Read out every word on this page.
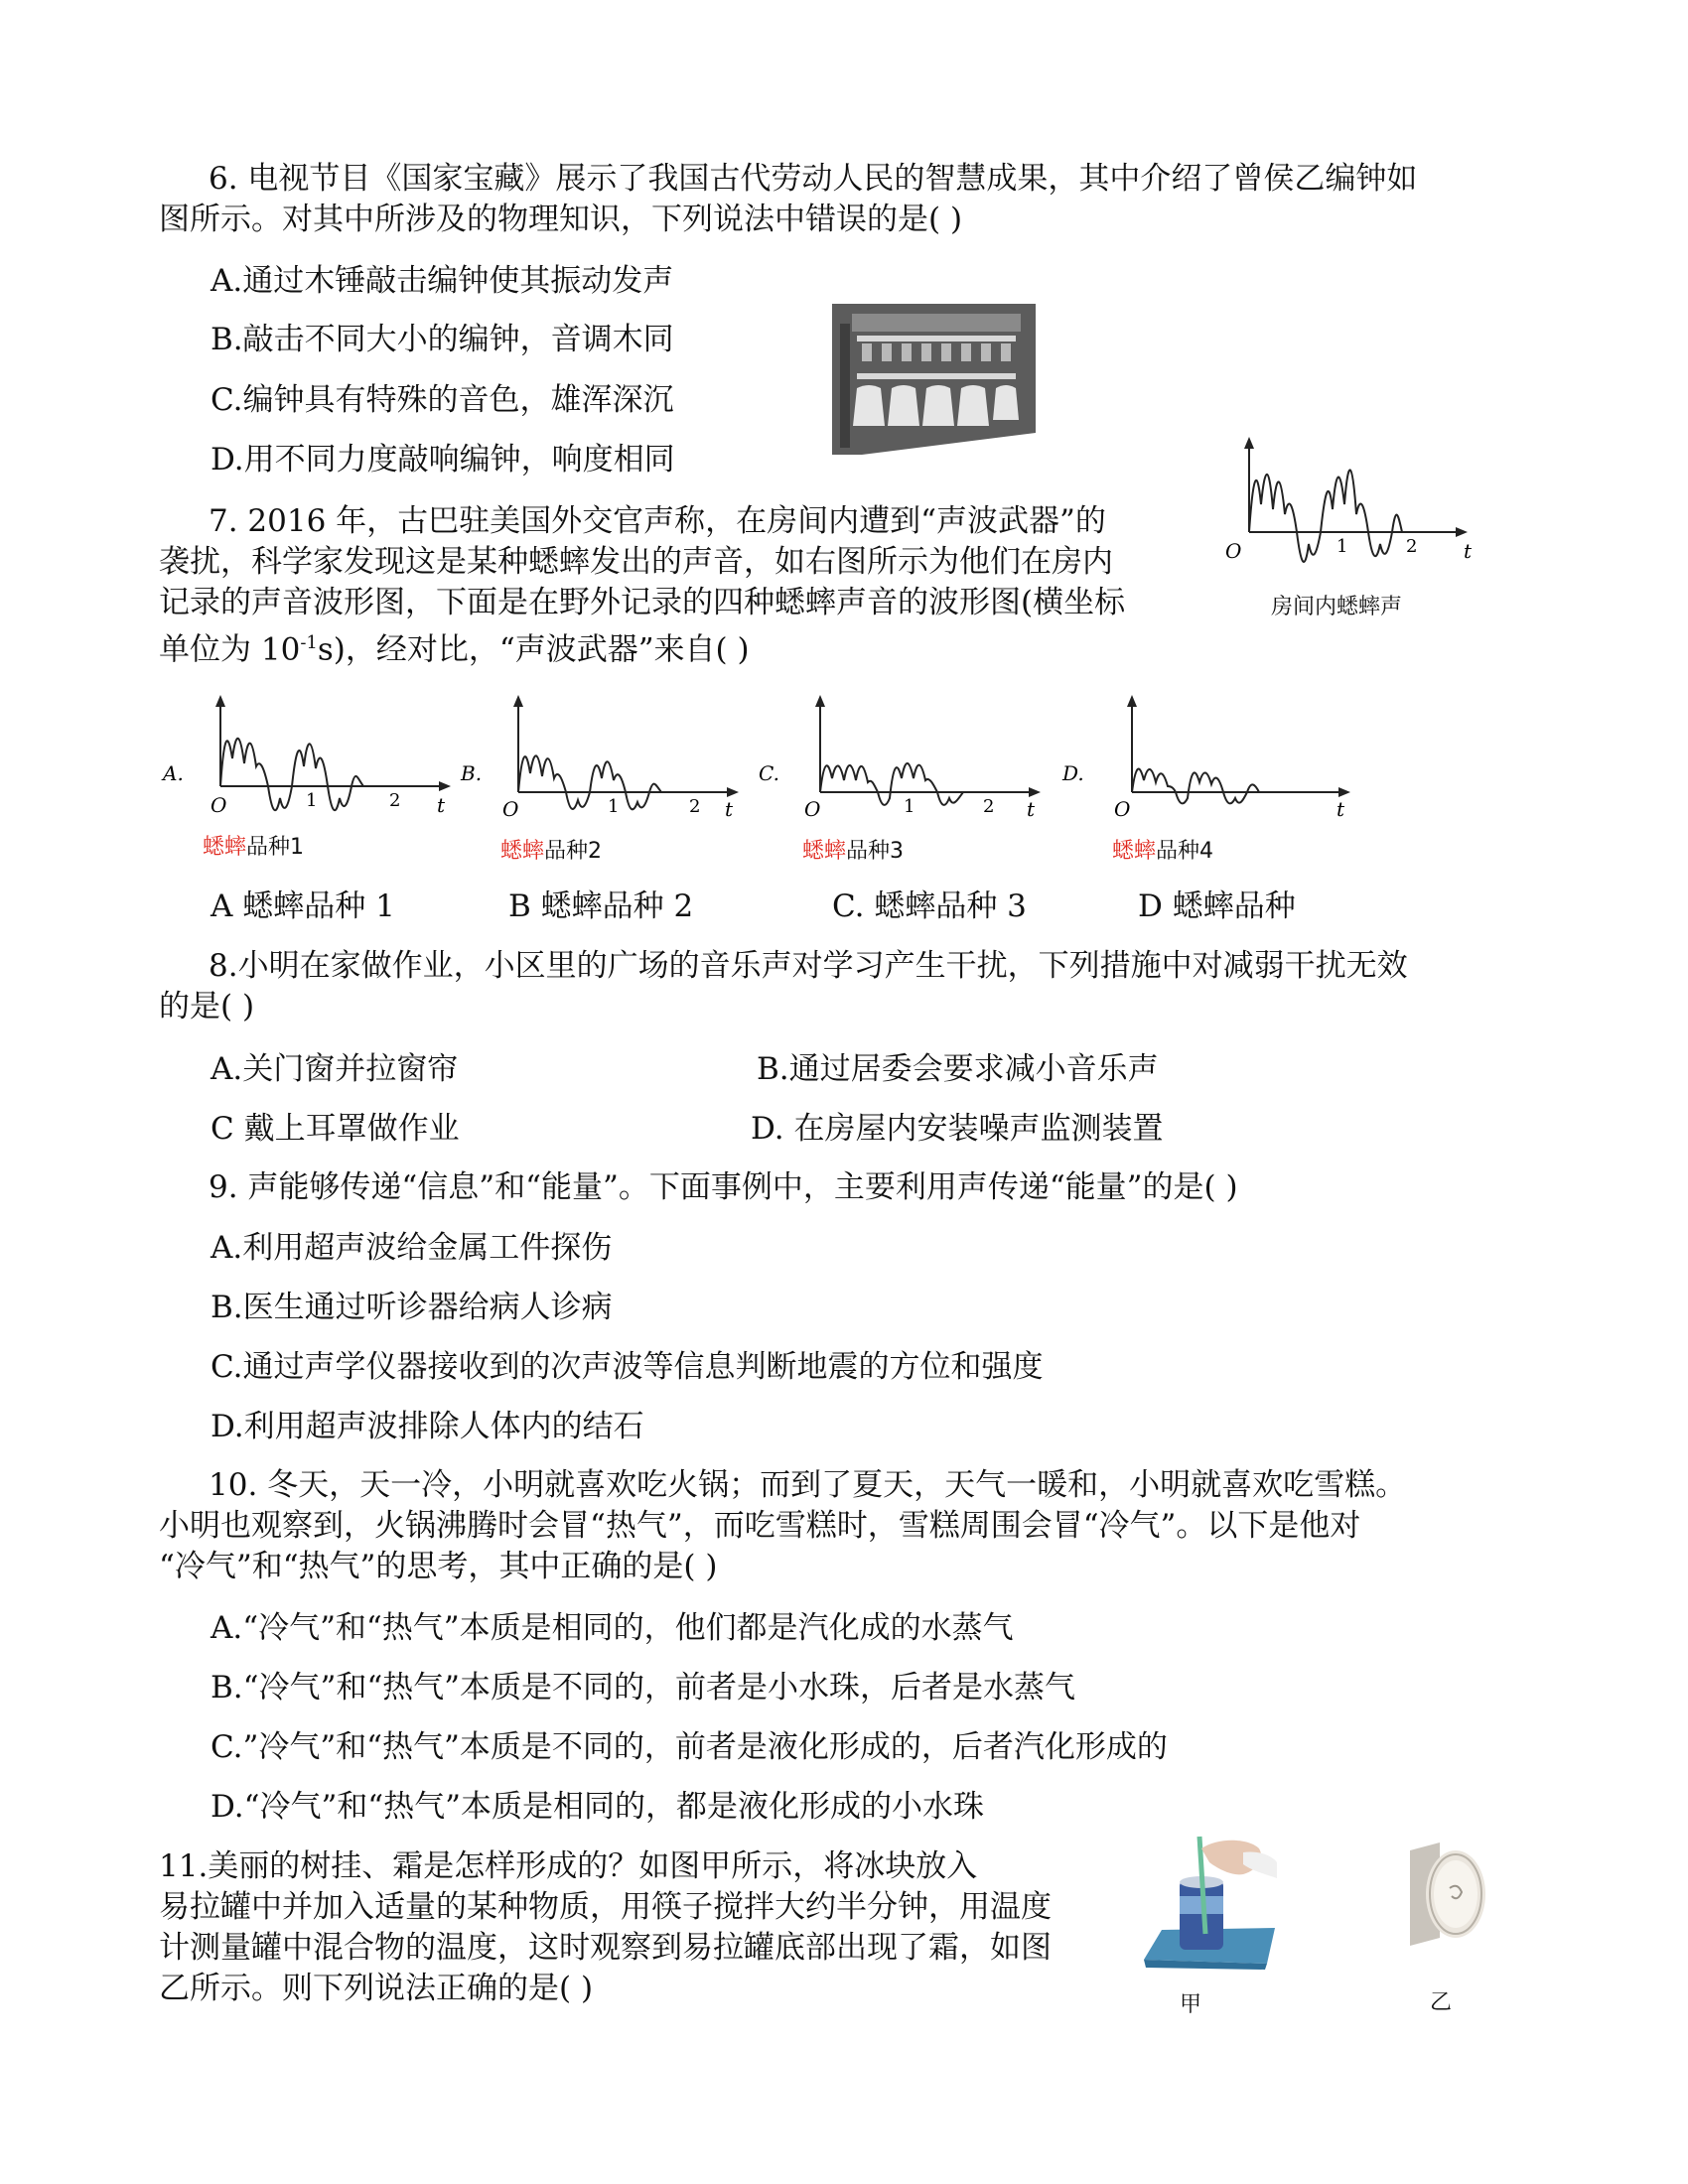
6. 电视节目《国家宝藏》展示了我国古代劳动人民的智慧成果，其中介绍了曾侯乙编钟如
图所示。对其中所涉及的物理知识，下列说法中错误的是( )
A.通过木锤敲击编钟使其振动发声
B.敲击不同大小的编钟，音调木同
C.编钟具有特殊的音色，雄浑深沉
D.用不同力度敲响编钟，响度相同
7. 2016 年，古巴驻美国外交官声称，在房间内遭到“声波武器”的
袭扰，科学家发现这是某种蟋蟀发出的声音，如右图所示为他们在房内
记录的声音波形图，下面是在野外记录的四种蟋蟀声音的波形图(横坐标
单位为 $10^{-1}s$)，经对比，“声波武器”来自( )
O	1	2 t
房间内蟋蟀声
A.
O	1	2 t
蟋蟀品种1
B.
O	1	2 t
蟋蟀品种2
C.
O	1	2 t
蟋蟀品种3
D.
O	t
蟋蟀品种4
A 蟋蟀品种 1	B 蟋蟀品种 2	C. 蟋蟀品种 3	D 蟋蟀品种
8.小明在家做作业，小区里的广场的音乐声对学习产生干扰，下列措施中对减弱干扰无效
的是( )
A.关门窗并拉窗帘	B.通过居委会要求减小音乐声
C 戴上耳罩做作业	D. 在房屋内安装噪声监测装置
9. 声能够传递“信息”和“能量”。下面事例中，主要利用声传递“能量”的是( )
A.利用超声波给金属工件探伤
B.医生通过听诊器给病人诊病
C.通过声学仪器接收到的次声波等信息判断地震的方位和强度
D.利用超声波排除人体内的结石
10. 冬天，天一冷，小明就喜欢吃火锅；而到了夏天，天气一暖和，小明就喜欢吃雪糕。
小明也观察到，火锅沸腾时会冒“热气”，而吃雪糕时，雪糕周围会冒“冷气”。以下是他对
“冷气”和“热气”的思考，其中正确的是( )
A.“冷气”和“热气”本质是相同的，他们都是汽化成的水蒸气
B.“冷气”和“热气”本质是不同的，前者是小水珠，后者是水蒸气
C.”冷气”和“热气”本质是不同的，前者是液化形成的，后者汽化形成的
D.“冷气”和“热气”本质是相同的，都是液化形成的小水珠
11.美丽的树挂、霜是怎样形成的？如图甲所示，将冰块放入
易拉罐中并加入适量的某种物质，用筷子搅拌大约半分钟，用温度
计测量罐中混合物的温度，这时观察到易拉罐底部出现了霜，如图
乙所示。则下列说法正确的是( )	甲	乙
